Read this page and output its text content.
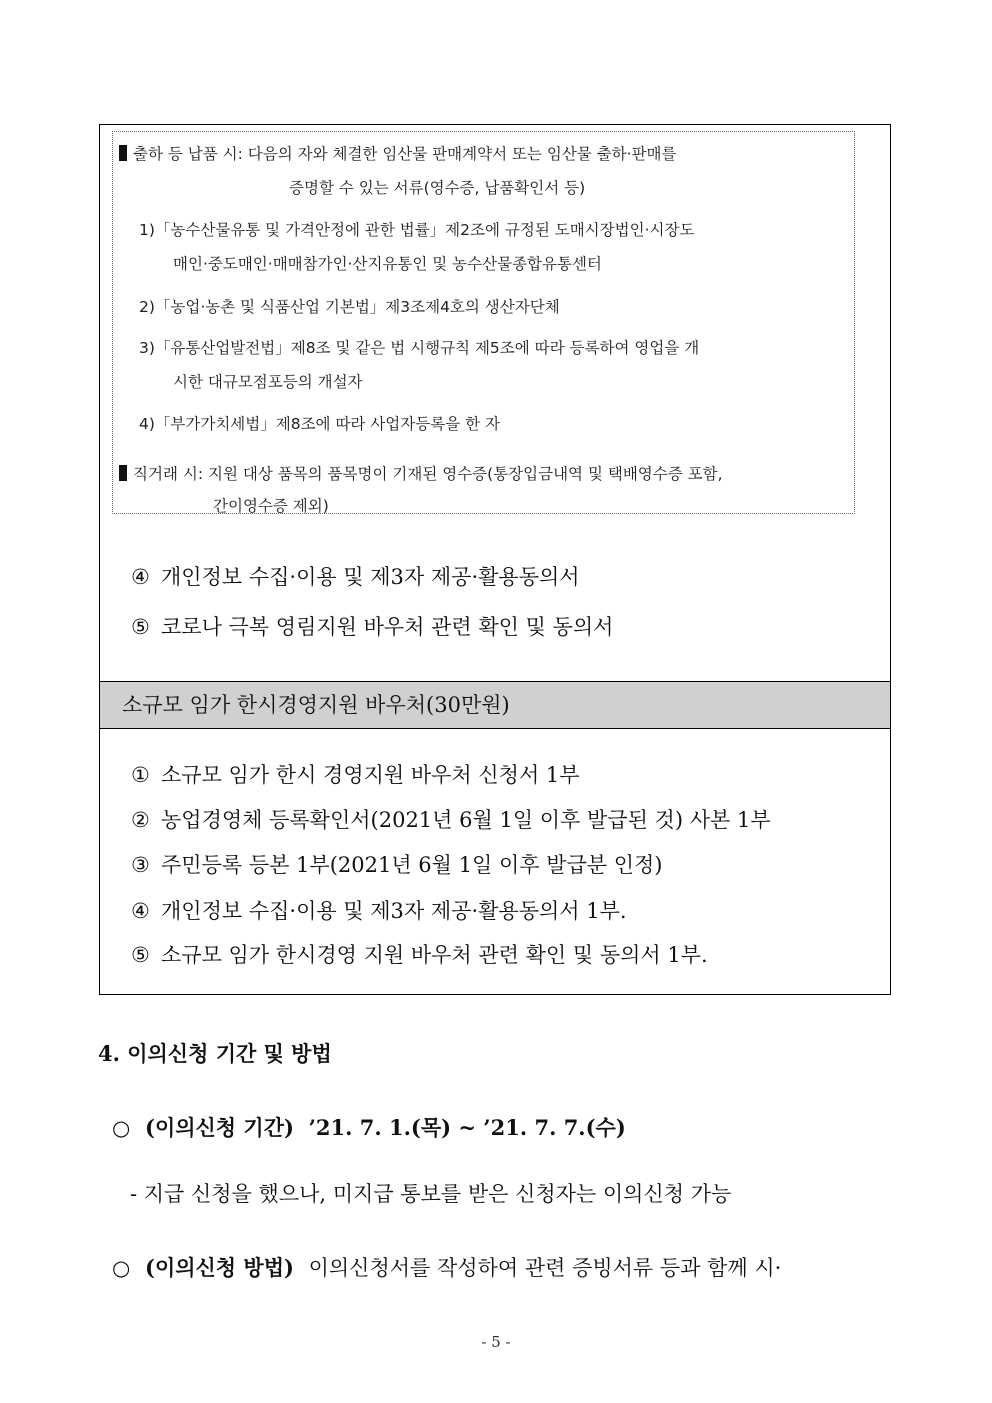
출하 등 납품 시: 다음의 자와 체결한 임산물 판매계약서 또는 임산물 출하·판매를
증명할 수 있는 서류(영수증, 납품확인서 등)
1)「농수산물유통 및 가격안정에 관한 법률」제2조에 규정된 도매시장법인·시장도
매인·중도매인·매매참가인·산지유통인 및 농수산물종합유통센터
2)「농업·농촌 및 식품산업 기본법」제3조제4호의 생산자단체
3)「유통산업발전법」제8조 및 같은 법 시행규칙 제5조에 따라 등록하여 영업을 개
시한 대규모점포등의 개설자
4)「부가가치세법」제8조에 따라 사업자등록을 한 자
직거래 시: 지원 대상 품목의 품목명이 기재된 영수증(통장입금내역 및 택배영수증 포함,
간이영수증 제외)
④ 개인정보 수집·이용 및 제3자 제공·활용동의서
⑤ 코로나 극복 영림지원 바우처 관련 확인 및 동의서
소규모 임가 한시경영지원 바우처(30만원)
① 소규모 임가 한시 경영지원 바우처 신청서 1부
② 농업경영체 등록확인서(2021년 6월 1일 이후 발급된 것) 사본 1부
③ 주민등록 등본 1부(2021년 6월 1일 이후 발급분 인정)
④ 개인정보 수집·이용 및 제3자 제공·활용동의서 1부.
⑤ 소규모 임가 한시경영 지원 바우처 관련 확인 및 동의서 1부.
4. 이의신청 기간 및 방법
○ (이의신청 기간) ’21. 7. 1.(목) ~ ’21. 7. 7.(수)
- 지급 신청을 했으나, 미지급 통보를 받은 신청자는 이의신청 가능
○ (이의신청 방법) 이의신청서를 작성하여 관련 증빙서류 등과 함께 시·
- 5 -
